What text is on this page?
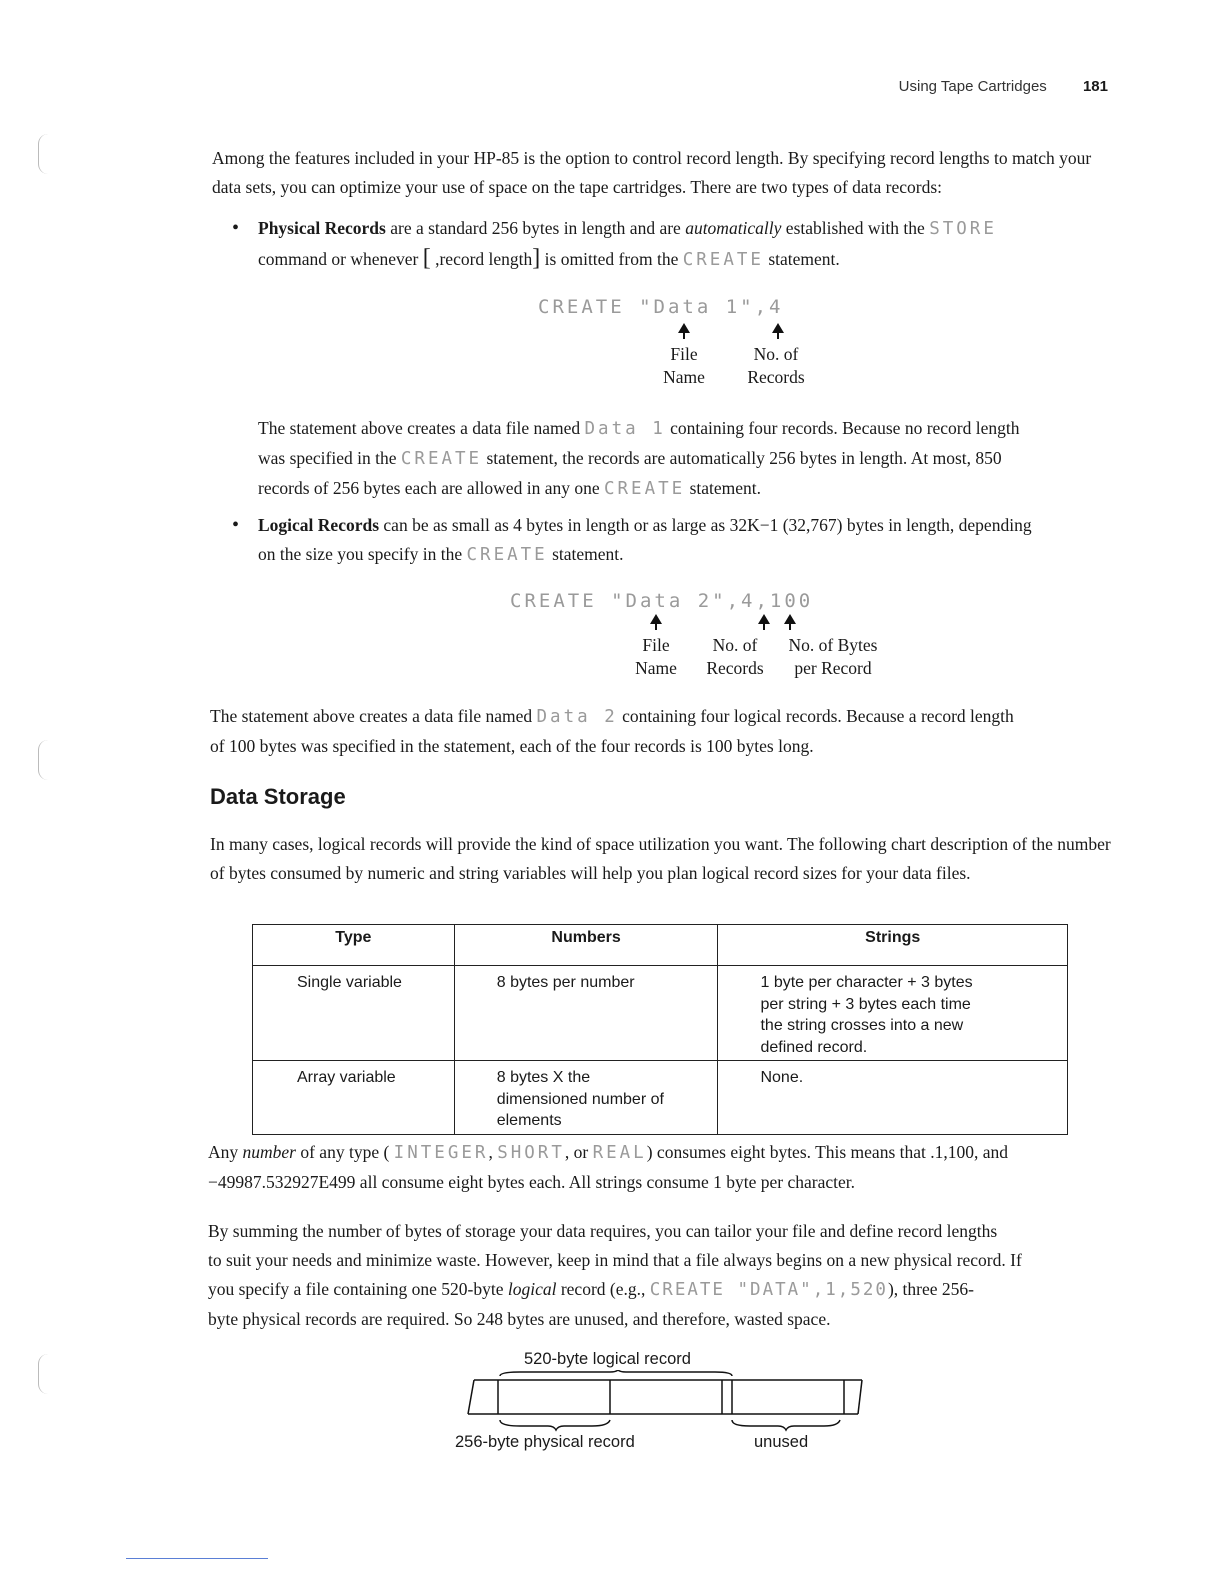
Using Tape Cartridges 181
Among the features included in your HP-85 is the option to control record length. By specifying record lengths to match your data sets, you can optimize your use of space on the tape cartridges. There are two types of data records:
• Physical Records are a standard 256 bytes in length and are automatically established with the STORE
command or whenever [ ,record length] is omitted from the CREATE statement.
CREATE "Data 1",4
File
Name
No. of
Records
The statement above creates a data file named Data 1 containing four records. Because no record length
was specified in the CREATE statement, the records are automatically 256 bytes in length. At most, 850
records of 256 bytes each are allowed in any one CREATE statement.
• Logical Records can be as small as 4 bytes in length or as large as 32K−1 (32,767) bytes in length, depending
on the size you specify in the CREATE statement.
CREATE "Data 2",4,100
File
Name
No. of
Records
No. of Bytes
per Record
The statement above creates a data file named Data 2 containing four logical records. Because a record length
of 100 bytes was specified in the statement, each of the four records is 100 bytes long.
Data Storage
In many cases, logical records will provide the kind of space utilization you want. The following chart description of the number of bytes consumed by numeric and string variables will help you plan logical record sizes for your data files.
Type	Numbers	Strings
Single variable	8 bytes per number	1 byte per character + 3 bytes per string + 3 bytes each time the string crosses into a new defined record.
Array variable	8 bytes X the dimensioned number of elements	None.
Any number of any type ( INTEGER, SHORT, or REAL) consumes eight bytes. This means that .1,100, and
−49987.532927E499 all consume eight bytes each. All strings consume 1 byte per character.
By summing the number of bytes of storage your data requires, you can tailor your file and define record lengths
to suit your needs and minimize waste. However, keep in mind that a file always begins on a new physical record. If
you specify a file containing one 520-byte logical record (e.g., CREATE "DATA",1,520), three 256-
byte physical records are required. So 248 bytes are unused, and therefore, wasted space.
520-byte logical record
256-byte physical record	unused
